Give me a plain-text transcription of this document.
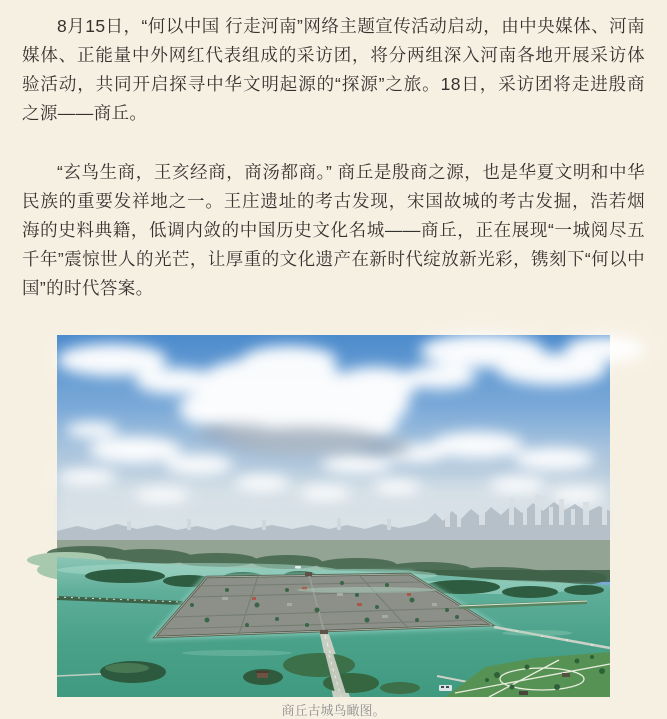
8月15日，“何以中国 行走河南”网络主题宣传活动启动，由中央媒体、河南媒体、正能量中外网红代表组成的采访团，将分两组深入河南各地开展采访体验活动，共同开启探寻中华文明起源的“探源”之旅。18日，采访团将走进殷商之源——商丘。

“玄鸟生商，王亥经商，商汤都商。” 商丘是殷商之源，也是华夏文明和中华民族的重要发祥地之一。王庄遗址的考古发现，宋国故城的考古发掘，浩若烟海的史料典籍，低调内敛的中国历史文化名城——商丘，正在展现“一城阅尽五千年”震惊世人的光芒，让厚重的文化遗产在新时代绽放新光彩，镌刻下“何以中国”的时代答案。

商丘古城鸟瞰图。
